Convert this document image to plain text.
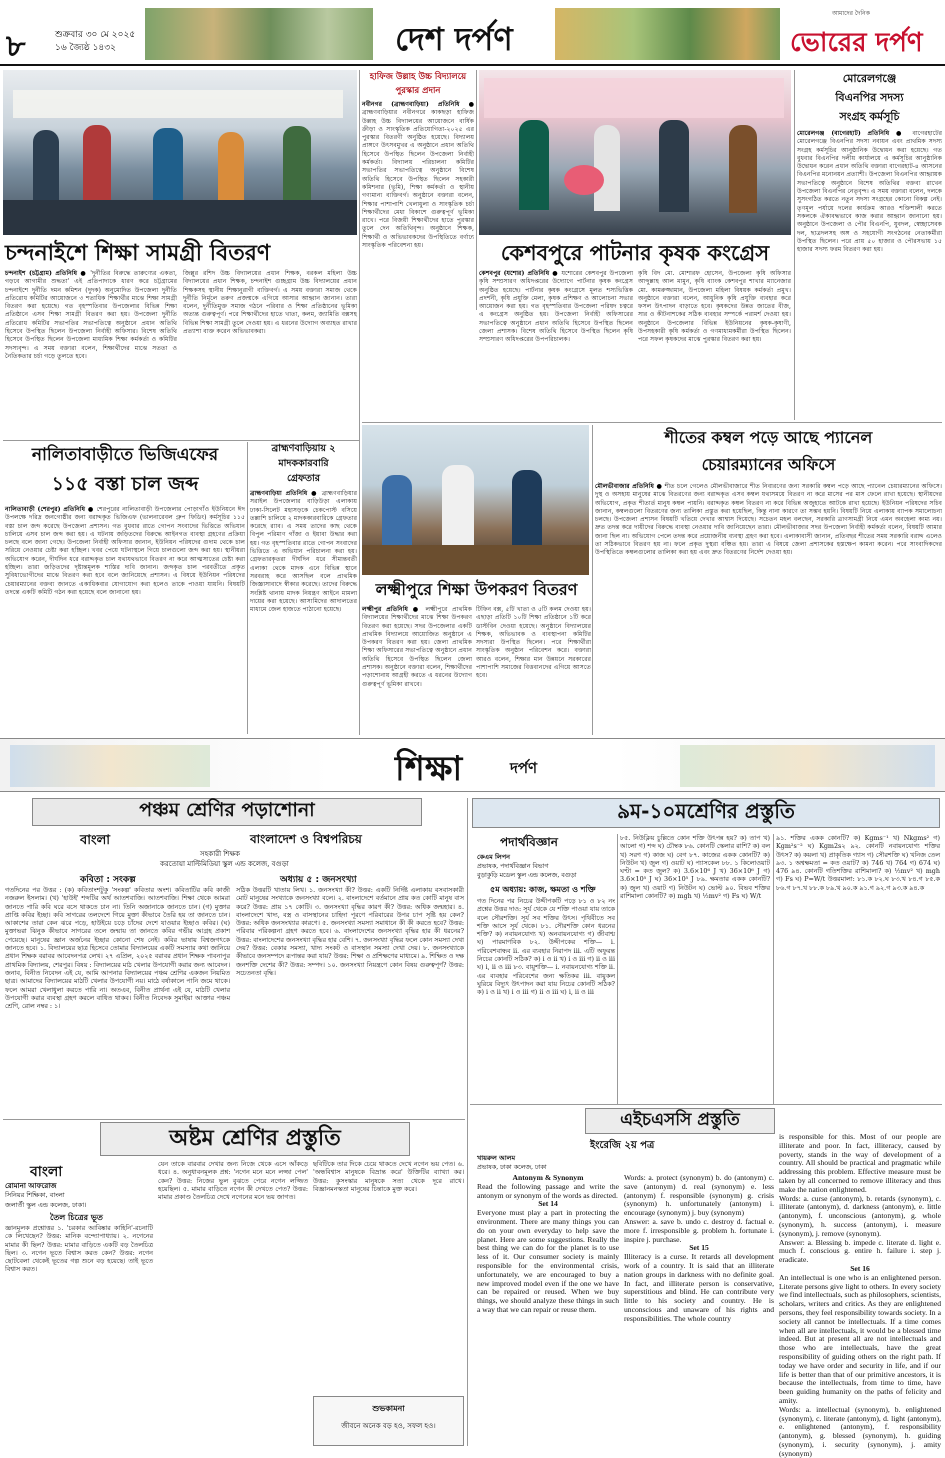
৮	শুক্রবার ৩০ মে ২০২৫
১৬ জ্যৈষ্ঠ ১৪৩২	দেশ দর্পণ
আমাদের দৈনিক
ভোরের দর্পণ
হাফিজ উল্লাহ উচ্চ বিদ্যালয়ে
পুরস্কার প্রদান
নবীনগর (ব্রাহ্মণবাড়িয়া) প্রতিনিধি ● ব্রাহ্মণবাড়িয়ার নবীনগরে কাকছড়া হাফিজ উল্লাহ উচ্চ বিদ্যালয়ের আয়োজনে বার্ষিক ক্রীড়া ও সাংস্কৃতিক প্রতিযোগিতা-২০২৫ এর পুরস্কার বিতরণী অনুষ্ঠিত হয়েছে। বিদ্যালয় প্রাঙ্গণে উৎসবমুখর এ অনুষ্ঠানে প্রধান অতিথি হিসেবে উপস্থিত ছিলেন উপজেলা নির্বাহী কর্মকর্তা। বিদ্যালয় পরিচালনা কমিটির সভাপতির সভাপতিত্বে অনুষ্ঠানে বিশেষ অতিথি হিসেবে উপস্থিত ছিলেন সহকারী কমিশনার (ভূমি), শিক্ষা কর্মকর্তা ও স্থানীয় গণ্যমান্য ব্যক্তিবর্গ। অনুষ্ঠানে বক্তারা বলেন, শিক্ষার পাশাপাশি খেলাধুলা ও সাংস্কৃতিক চর্চা শিক্ষার্থীদের মেধা বিকাশে গুরুত্বপূর্ণ ভূমিকা রাখে। পরে বিজয়ী শিক্ষার্থীদের হাতে পুরস্কার তুলে দেন অতিথিবৃন্দ। অনুষ্ঠানে শিক্ষক, শিক্ষার্থী ও অভিভাবকদের উপস্থিতিতে বর্ণাঢ্য সাংস্কৃতিক পরিবেশনা হয়।
মোরেলগঞ্জে
বিএনপির সদস্য
সংগ্রহ কর্মসূচি
মোরেলগঞ্জ (বাগেরহাট) প্রতিনিধি ● বাগেরহাটের মোরেলগঞ্জে বিএনপির সদস্য নবায়ন এবং প্রাথমিক সদস্য সংগ্রহ কর্মসূচির আনুষ্ঠানিক উদ্বোধন করা হয়েছে। গত বুধবার বিএনপির দলীয় কার্যালয়ে এ কর্মসূচির আনুষ্ঠানিক উদ্বোধন করেন প্রধান অতিথি বক্তারা বাগেরহাট-৪ আসনের বিএনপির মনোনয়ন প্রত্যাশী। উপজেলা বিএনপির আহ্বায়ক সভাপতিত্বে অনুষ্ঠানে বিশেষ অতিথির বক্তব্য রাখেন উপজেলা বিএনপির নেতৃবৃন্দ। এ সময় বক্তারা বলেন, দলকে সুসংগঠিত করতে নতুন সদস্য সংগ্রহের কোনো বিকল্প নেই। তৃণমূল পর্যায়ে দলের কার্যক্রম আরও শক্তিশালী করতে সকলকে ঐক্যবদ্ধভাবে কাজ করার আহ্বান জানানো হয়। অনুষ্ঠানে উপজেলা ও পৌর বিএনপি, যুবদল, স্বেচ্ছাসেবক দল, ছাত্রদলসহ অঙ্গ ও সহযোগী সংগঠনের নেতাকর্মীরা উপস্থিত ছিলেন। পরে প্রায় ৫০ হাজার ও পৌরসভায় ১৫ হাজার সদস্য ফরম বিতরণ করা হয়।
চন্দনাইশে শিক্ষা সামগ্রী বিতরণ
চন্দনাইশ (চট্টগ্রাম) প্রতিনিধি ● 'দুর্নীতির বিরুদ্ধে তারুণ্যের একতা, গড়বে আগামীর শুদ্ধতা' এই প্রতিপাদ্যকে ধারণ করে চট্টগ্রামের চন্দনাইশে দুর্নীতি দমন কমিশন (দুদক) অনুমোদিত উপজেলা দুর্নীতি প্রতিরোধ কমিটির আয়োজনে ৩ শতাধিক শিক্ষার্থীর মাঝে শিক্ষা সামগ্রী বিতরণ করা হয়েছে। গত বৃহস্পতিবার উপজেলার বিভিন্ন শিক্ষা প্রতিষ্ঠানে এসব শিক্ষা সামগ্রী বিতরণ করা হয়। উপজেলা দুর্নীতি প্রতিরোধ কমিটির সভাপতির সভাপতিত্বে অনুষ্ঠানে প্রধান অতিথি হিসেবে উপস্থিত ছিলেন উপজেলা নির্বাহী অফিসার। বিশেষ অতিথি হিসেবে উপস্থিত ছিলেন উপজেলা মাধ্যমিক শিক্ষা কর্মকর্তা ও কমিটির সদস্যবৃন্দ। এ সময় বক্তারা বলেন, শিক্ষার্থীদের মাঝে সততা ও নৈতিকতার চর্চা গড়ে তুলতে হবে।
জিল্লুর রশিদ উচ্চ বিদ্যালয়ের প্রধান শিক্ষক, বরকল মহিলা উচ্চ বিদ্যালয়ের প্রধান শিক্ষক, চন্দনাইশ গুচ্ছগ্রাম উচ্চ বিদ্যালয়ের প্রধান শিক্ষকসহ স্থানীয় শিক্ষানুরাগী ব্যক্তিবর্গ। এ সময় বক্তারা সমাজ থেকে দুর্নীতি নির্মূলে তরুণ প্রজন্মকে এগিয়ে আসার আহ্বান জানান। তারা বলেন, দুর্নীতিমুক্ত সমাজ গঠনে পরিবার ও শিক্ষা প্রতিষ্ঠানের ভূমিকা অত্যন্ত গুরুত্বপূর্ণ। পরে শিক্ষার্থীদের হাতে খাতা, কলম, জ্যামিতি বক্সসহ বিভিন্ন শিক্ষা সামগ্রী তুলে দেওয়া হয়। এ ধরনের উদ্যোগ অব্যাহত রাখার প্রত্যাশা ব্যক্ত করেন অভিভাবকরা।
কেশবপুরে পাটনার কৃষক কংগ্রেস
কেশবপুর (যশোর) প্রতিনিধি ● যশোরের কেশবপুর উপজেলা কৃষি সম্প্রসারণ অধিদপ্তরের উদ্যোগে পার্টনার কৃষক কংগ্রেস অনুষ্ঠিত হয়েছে। পার্টনার কৃষক কংগ্রেসে মূলত শস্যভিত্তিক প্রদর্শনী, কৃষি প্রযুক্তি মেলা, কৃষক প্রশিক্ষণ ও আলোচনা সভার আয়োজন করা হয়। গত বৃহস্পতিবার উপজেলা পরিষদ চত্বরে এ কংগ্রেস অনুষ্ঠিত হয়। উপজেলা নির্বাহী অফিসারের সভাপতিত্বে অনুষ্ঠানে প্রধান অতিথি হিসেবে উপস্থিত ছিলেন জেলা প্রশাসক। বিশেষ অতিথি হিসেবে উপস্থিত ছিলেন কৃষি সম্প্রসারণ অধিদপ্তরের উপপরিচালক।
কৃষি বিদ মো. মোশারফ হোসেন, উপজেলা কৃষি অফিসার আব্দুল্লাহ আল মামুন, কৃষি ব্যাংক কেশবপুর শাখার ম্যানেজার মো. কামরুজ্জামান, উপজেলা মহিলা বিষয়ক কর্মকর্তা প্রমুখ। অনুষ্ঠানে বক্তারা বলেন, আধুনিক কৃষি প্রযুক্তি ব্যবহার করে ফসল উৎপাদন বাড়াতে হবে। কৃষকদের উন্নত জাতের বীজ, সার ও কীটনাশকের সঠিক ব্যবহার সম্পর্কে পরামর্শ দেওয়া হয়। অনুষ্ঠানে উপজেলার বিভিন্ন ইউনিয়নের কৃষক-কৃষাণী, উপসহকারী কৃষি কর্মকর্তা ও গণমাধ্যমকর্মীরা উপস্থিত ছিলেন। পরে সফল কৃষকদের মাঝে পুরস্কার বিতরণ করা হয়।
শীতের কম্বল পড়ে আছে প্যানেল
চেয়ারম্যানের অফিসে
মৌলভীবাজার প্রতিনিধি ● শীত চলে গেলেও মৌলভীবাজারে শীত নিবারণের জন্য সরকারি কম্বল পড়ে আছে প্যানেল চেয়ারম্যানের অফিসে। দুস্থ ও অসহায় মানুষের মাঝে বিতরণের জন্য বরাদ্দকৃত এসব কম্বল যথাসময়ে বিতরণ না করে মাসের পর মাস ফেলে রাখা হয়েছে। স্থানীয়দের অভিযোগ, প্রকৃত শীতার্ত মানুষ কম্বল পায়নি। বরাদ্দকৃত কম্বল বিতরণ না করে বিভিন্ন অজুহাতে আটকে রাখা হয়েছে। ইউনিয়ন পরিষদের সচিব জানান, কম্বলগুলো বিতরণের জন্য তালিকা প্রস্তুত করা হয়েছিল, কিন্তু নানা কারণে তা সম্ভব হয়নি। বিষয়টি নিয়ে এলাকায় ব্যাপক সমালোচনা চলছে। উপজেলা প্রশাসন বিষয়টি খতিয়ে দেখার আশ্বাস দিয়েছে। সচেতন মহল বলছেন, সরকারি ত্রাণসামগ্রী নিয়ে এমন অবহেলা কাম্য নয়। দ্রুত তদন্ত করে দায়ীদের বিরুদ্ধে ব্যবস্থা নেওয়ার দাবি জানিয়েছেন তারা। মৌলভীবাজার সদর উপজেলা নির্বাহী কর্মকর্তা বলেন, বিষয়টি আমার জানা ছিল না। অভিযোগ পেলে তদন্ত করে প্রয়োজনীয় ব্যবস্থা গ্রহণ করা হবে। এলাকাবাসী জানান, প্রতিবছর শীতের সময় সরকারি বরাদ্দ এলেও তা সঠিকভাবে বিতরণ হয় না। ফলে প্রকৃত দুস্থরা বঞ্চিত হয়। তারা এ বিষয়ে জেলা প্রশাসকের হস্তক্ষেপ কামনা করেন। পরে সাংবাদিকদের উপস্থিতিতে কম্বলগুলোর তালিকা করা হয় এবং দ্রুত বিতরণের নির্দেশ দেওয়া হয়।
নালিতাবাড়ীতে ভিজিএফের
১১৫ বস্তা চাল জব্দ
নালিতাবাড়ী (শেরপুর) প্রতিনিধি ● শেরপুরের নালিতাবাড়ী উপজেলার পোড়াগাঁও ইউনিয়নে ঈদ উপলক্ষে দরিদ্র জনগোষ্ঠীর জন্য বরাদ্দকৃত ভিজিএফ (ভালনারেবল গ্রুপ ফিডিং) কর্মসূচির ১১৫ বস্তা চাল জব্দ করেছে উপজেলা প্রশাসন। গত বুধবার রাতে গোপন সংবাদের ভিত্তিতে অভিযান চালিয়ে এসব চাল জব্দ করা হয়। এ ঘটনায় জড়িতদের বিরুদ্ধে আইনগত ব্যবস্থা গ্রহণের প্রক্রিয়া চলছে বলে জানা গেছে। উপজেলা নির্বাহী অফিসার জানান, ইউনিয়ন পরিষদের গুদাম থেকে চাল সরিয়ে নেওয়ার চেষ্টা করা হচ্ছিল। খবর পেয়ে ঘটনাস্থলে গিয়ে চালগুলো জব্দ করা হয়। স্থানীয়রা অভিযোগ করেন, দীর্ঘদিন ধরে বরাদ্দকৃত চাল যথাযথভাবে বিতরণ না করে আত্মসাতের চেষ্টা করা হচ্ছিল। তারা জড়িতদের দৃষ্টান্তমূলক শাস্তির দাবি জানান। জব্দকৃত চাল পরবর্তীতে প্রকৃত সুবিধাভোগীদের মাঝে বিতরণ করা হবে বলে জানিয়েছে প্রশাসন। এ বিষয়ে ইউনিয়ন পরিষদের চেয়ারম্যানের বক্তব্য জানতে একাধিকবার যোগাযোগ করা হলেও তাকে পাওয়া যায়নি। বিষয়টি তদন্তে একটি কমিটি গঠন করা হয়েছে বলে জানানো হয়।
ব্রাহ্মণবাড়িয়ায় ২
মাদককারবারি
গ্রেফতার
ব্রাহ্মণবাড়িয়া প্রতিনিধি ● ব্রাহ্মণবাড়িয়ার সরাইল উপজেলার বাড়িউড়া এলাকায় ঢাকা-সিলেট মহাসড়কে চেকপোস্ট বসিয়ে তল্লাশি চালিয়ে ২ মাদককারবারিকে গ্রেফতার করেছে র‍্যাব। এ সময় তাদের কাছ থেকে বিপুল পরিমাণ গাঁজা ও ইয়াবা উদ্ধার করা হয়। গত বৃহস্পতিবার রাতে গোপন সংবাদের ভিত্তিতে এ অভিযান পরিচালনা করা হয়। গ্রেফতারকৃতরা দীর্ঘদিন ধরে সীমান্তবর্তী এলাকা থেকে মাদক এনে বিভিন্ন স্থানে সরবরাহ করে আসছিল বলে প্রাথমিক জিজ্ঞাসাবাদে স্বীকার করেছে। তাদের বিরুদ্ধে সংশ্লিষ্ট থানায় মাদক নিয়ন্ত্রণ আইনে মামলা দায়ের করা হয়েছে। আসামিদের আদালতের মাধ্যমে জেল হাজতে পাঠানো হয়েছে।
লক্ষ্মীপুরে শিক্ষা উপকরণ বিতরণ
লক্ষ্মীপুর প্রতিনিধি ● লক্ষ্মীপুরে প্রাথমিক বিদ্যালয়ের শিক্ষার্থীদের মাঝে শিক্ষা উপকরণ বিতরণ করা হয়েছে। সদর উপজেলার একটি প্রাথমিক বিদ্যালয়ে আয়োজিত অনুষ্ঠানে এ উপকরণ বিতরণ করা হয়। জেলা প্রাথমিক শিক্ষা অফিসারের সভাপতিত্বে অনুষ্ঠানে প্রধান অতিথি হিসেবে উপস্থিত ছিলেন জেলা প্রশাসক। অনুষ্ঠানে বক্তারা বলেন, শিক্ষার্থীদের পড়াশোনায় আগ্রহী করতে এ ধরনের উদ্যোগ গুরুত্বপূর্ণ ভূমিকা রাখবে।
টিফিন বক্স, ৫টি খাতা ও ৫টি কলম দেওয়া হয়। এছাড়া প্রতিটি ১০টি শিক্ষা প্রতিষ্ঠানে ১টি করে ডাস্টবিন দেওয়া হয়েছে। অনুষ্ঠানে বিদ্যালয়ের শিক্ষক, অভিভাবক ও ব্যবস্থাপনা কমিটির সদস্যরা উপস্থিত ছিলেন। পরে শিক্ষার্থীরা সাংস্কৃতিক অনুষ্ঠান পরিবেশন করে। বক্তারা আরও বলেন, শিক্ষার মান উন্নয়নে সরকারের পাশাপাশি সমাজের বিত্তবানদের এগিয়ে আসতে হবে।
শিক্ষা	দর্পণ
পঞ্চম শ্রেণির পড়াশোনা
বাংলা	বাংলাদেশ ও বিশ্বপরিচয়
সহকারী শিক্ষক
করতোয়া মাল্টিমিডিয়া স্কুল এন্ড কলেজ, বগুড়া
কবিতা : সংকল্প	অধ্যায় ৫ : জনসংখ্যা
গতদিনের পর উত্তর : (ক) কবিতাংশটুকু 'সংকল্প' কবিতার অংশ। কবিতাটির কবি কাজী নজরুল ইসলাম। (খ) 'হাউই' শব্দটির অর্থ আতশবাজি। আতশবাজি। শিক্ষা থেকে আমরা জানতে পারি কবি ঘরে বসে থাকতে চান না। তিনি অজানাকে জানতে চান। (গ) মুক্তার প্রাপ্তি কবির ইচ্ছা। কবি সাগরের তলদেশে গিয়ে মুক্তা কীভাবে তৈরি হয় তা জানতে চান। আকাশের তারা কেন ঝরে পড়ে, হাউইয়ে চড়ে চাঁদের দেশে যাওয়ার ইচ্ছাও কবির। (ঘ) মুক্তাভরা ঝিনুক কীভাবে সাগরের তলে জন্মায় তা জানতে কবির গভীর আগ্রহ প্রকাশ পেয়েছে। মানুষের জ্ঞান অর্জনের ইচ্ছার কোনো শেষ নেই। কবির ভাষায় বিশ্বজগৎকে জানতে হবে। ১. বিদ্যালয়ের ছাত্র হিসেবে তোমার বিদ্যালয়ের একটি সমস্যার কথা জানিয়ে প্রধান শিক্ষক বরাবর আবেদনপত্র লেখ। ২৭ এপ্রিল, ২০২৫ বরাবর প্রধান শিক্ষক পাবনাপুর প্রাথমিক বিদ্যালয়, শেরপুর। বিষয় : বিদ্যালয়ের মাঠ খেলার উপযোগী করার জন্য আবেদন। জনাব, বিনীত নিবেদন এই যে, আমি আপনার বিদ্যালয়ের পঞ্চম শ্রেণির একজন নিয়মিত ছাত্র। আমাদের বিদ্যালয়ের মাঠটি খেলার উপযোগী নয়। মাঠে বর্ষাকালে পানি জমে থাকে। ফলে আমরা খেলাধুলা করতে পারি না। অতএব, বিনীত প্রার্থনা এই যে, মাঠটি খেলার উপযোগী করার ব্যবস্থা গ্রহণ করলে বাধিত থাকব। বিনীত নিবেদক সুমাইয়া আক্তার পঞ্চম শ্রেণি, রোল নম্বর : ১।
সঠিক উত্তরটি খাতায় লিখ। ১. জনসংখ্যা কী? উত্তর: একটি নির্দিষ্ট এলাকায় বসবাসকারী মোট মানুষের সংখ্যাকে জনসংখ্যা বলে। ২. বাংলাদেশে বর্তমানে প্রায় কত কোটি মানুষ বাস করে? উত্তর: প্রায় ১৭ কোটি। ৩. জনসংখ্যা বৃদ্ধির কারণ কী? উত্তর: অধিক জন্মহার। ৪. বাংলাদেশে খাদ্য, বস্ত্র ও বাসস্থানের চাহিদা পূরণে পরিবারের উপর চাপ সৃষ্টি হয় কেন? উত্তর: অধিক জনসংখ্যার কারণে। ৫. জনসংখ্যা সমস্যা সমাধানে কী কী করতে হবে? উত্তর: পরিবার পরিকল্পনা গ্রহণ করতে হবে। ৬. বাংলাদেশের জনসংখ্যা বৃদ্ধির হার কী ধরনের? উত্তর: বাংলাদেশের জনসংখ্যা বৃদ্ধির হার বেশি। ৭. জনসংখ্যা বৃদ্ধির ফলে কোন সমস্যা দেখা দেয়? উত্তর: বেকার সমস্যা, খাদ্য সংকট ও বাসস্থান সমস্যা দেখা দেয়। ৮. জনসংখ্যাকে কীভাবে জনসম্পদে রূপান্তর করা যায়? উত্তর: শিক্ষা ও প্রশিক্ষণের মাধ্যমে। ৯. শিক্ষিত ও দক্ষ জনশক্তি দেশের কী? উত্তর: সম্পদ। ১০. জনসংখ্যা নিয়ন্ত্রণে কোন বিষয় গুরুত্বপূর্ণ? উত্তর: সচেতনতা বৃদ্ধি।
অষ্টম শ্রেণির প্রস্তুতি
বাংলা
রোমানা আফরোজ
সিনিয়র শিক্ষিকা, বাংলা
জলার্তী স্কুল এন্ড কলেজ, ঢাকা।
তৈল চিত্রের ভূত
জ্ঞানমূলক প্রশ্নোত্তর ১. 'চরকার আবিষ্কার কাহিনি'-রচনাটি কে লিখেছেন? উত্তর: মানিক বন্দ্যোপাধ্যায়। ২. নগেনের মামার কী ছিল? উত্তর: মামার বাড়িতে একটি বড় তৈলচিত্র ছিল। ৩. নগেন ভূতে বিশ্বাস করত কেন? উত্তর: নগেন ছোটবেলা থেকেই ভূতের গল্প শুনে বড় হয়েছে। তাই ভূতে বিশ্বাস করত।
যেন তাকে বারবার দেখার জন্য নিজে থেকে এসে আঁকড়ে ধরে। ৪. অনুধাবনমূলক প্রশ্ন: 'নগেন মনে মনে লজ্জা পেল' কেন? উত্তর: নিজের ভুল বুঝতে পেরে নগেন লজ্জিত হয়েছিল। ৫. মামার বাড়িতে নগেন কী দেখতে পেত? উত্তর: মামার প্রকাণ্ড তৈলচিত্র দেখে নগেনের মনে ভয় জাগত।
ছবিটিকে তার দিকে চেয়ে থাকতে দেখে নগেন ভয় পেত। ৬. 'অন্ধবিশ্বাস মানুষকে বিভ্রান্ত করে' উক্তিটির ব্যাখ্যা কর। উত্তর: কুসংস্কার মানুষকে সত্য থেকে দূরে রাখে। বিজ্ঞানমনস্কতা মানুষের চিন্তাকে মুক্ত করে।
শুভকামনা
জীবনে অনেক বড় হও, সফল হও।
৯ম-১০মশ্রেণির প্রস্তুতি
পদার্থবিজ্ঞান
কেএম লিপন
প্রভাষক, পদার্থবিজ্ঞান বিভাগ
বুড়াকুড়ি মডেল স্কুল এন্ড কলেজ, বগুড়া
৫ম অধ্যায়: কাজ, ক্ষমতা ও শক্তি
গত দিনের পর নিচের উদ্দীপকটি পড়ে ৮১ ও ৮২ নং প্রশ্নের উত্তর দাও: সূর্য থেকে যে শক্তি পাওয়া যায় তাকে বলে সৌরশক্তি। সূর্য সব শক্তির উৎস। পৃথিবীতে সব শক্তি আসে সূর্য থেকে। ৮১. সৌরশক্তি কোন ধরনের শক্তি? ক) নবায়নযোগ্য খ) অনবায়নযোগ্য গ) জীবাশ্ম ঘ) পারমাণবিক ৮২. উদ্দীপকের শক্তি— i. পরিবেশবান্ধব ii. এর ব্যবহার নিরাপদ iii. এটি অফুরন্ত নিচের কোনটি সঠিক? ক) i ও ii খ) i ও iii গ) ii ও iii ঘ) i, ii ও iii ৮৩. বায়ুশক্তি— i. নবায়নযোগ্য শক্তি ii. এর ব্যবহার পরিবেশের জন্য ক্ষতিকর iii. বায়ুকল ঘুরিয়ে বিদ্যুৎ উৎপাদন করা যায় নিচের কোনটি সঠিক? ক) i ও ii খ) i ও iii গ) ii ও iii ঘ) i, ii ও iii
৮৫. নিউক্লিয় চুল্লিতে কোন শক্তি উৎপন্ন হয়? ক) তাপ খ) আলো গ) শব্দ ঘ) চৌম্বক ৮৬. কোনটি স্কেলার রাশি? ক) বল খ) সরণ গ) কাজ ঘ) বেগ ৮৭. কাজের একক কোনটি? ক) নিউটন খ) জুল গ) ওয়াট ঘ) প্যাসকেল ৮৮. ১ কিলোওয়াট ঘণ্টা = কত জুল? ক) 3.6×10⁶ J খ) 36×10⁶ J গ) 3.6×10⁵ J ঘ) 36×10⁵ J ৮৯. ক্ষমতার একক কোনটি? ক) জুল খ) ওয়াট গ) নিউটন ঘ) ভোল্ট ৯০. বিভব শক্তির রাশিমালা কোনটি? ক) mgh খ) ½mv² গ) Fs ঘ) W/t
৯১. শক্তির একক কোনটি? ক) Kgms⁻¹ খ) Nkgms² গ) Kgm²s⁻² ঘ) Kgm2s২ ৯২. কোনটি নবায়নযোগ্য শক্তির উৎস? ক) কয়লা খ) প্রাকৃতিক গ্যাস গ) সৌরশক্তি ঘ) খনিজ তেল ৯৩. ১ অশ্বক্ষমতা = কত ওয়াট? ক) 746 খ) 764 গ) 674 ঘ) 476 ৯৪. কোনটি গতিশক্তির রাশিমালা? ক) ½mv² খ) mgh গ) Fs ঘ) P=W/t উত্তরমালা: ৮১.ক ৮২.ঘ ৮৩.খ ৮৪.গ ৮৫.ক ৮৬.গ ৮৭.খ ৮৮.ক ৮৯.খ ৯০.ক ৯১.গ ৯২.গ ৯৩.ক ৯৪.ক
এইচএসসি প্রস্তুতি
ইংরেজি ২য় পত্র
খায়রুল আলম
প্রভাষক, ঢাকা কলেজ, ঢাকা
Antonym & Synonym
Read the following passage and write the antonym or synonym of the words as directed.
Set 14
Everyone must play a part in protecting the environment. There are many things you can do on your own everyday to help save the planet. Here are some suggestions. Really the best thing we can do for the planet is to use less of it. Our consumer society is mainly responsible for the environmental crisis, unfortunately, we are encouraged to buy a new improved model even if the one we have can be repaired or reused. When we buy things, we should analyze these things in such a way that we can repair or reuse them.
Words: a. protect (synonym) b. do (antonym) c. save (antonym) d. real (synonym) e. less (antonym) f. responsible (synonym) g. crisis (synonym) h. unfortunately (antonym) i. encourage (synonym) j. buy (synonym)
Answer: a. save b. undo c. destroy d. factual e. more f. irresponsible g. problem h. fortunate i. inspire j. purchase.
Set 15
Illiteracy is a curse. It retards all development work of a country. It is said that an illiterate nation groups in darkness with no definite goal. In fact, and illiterate person is conservative, superstitious and blind. He can contribute very little to his society and country. He is unconscious and unaware of his rights and responsibilities. The whole country
is responsible for this. Most of our people are illiterate and poor. In fact, illiteracy, caused by poverty, stands in the way of development of a country. All should be practical and pragmatic while addressing this problem. Effective measure must be taken by all concerned to remove illiteracy and thus make the nation enlightened.
Words: a. curse (antonym), b. retards (synonym), c. illiterate (antonym), d. darkness (antonym), e. little (antonym), f. unconscious (antonym), g. whole (synonym), h. success (antonym), i. measure (synonym), j. remove (synonym).
Answer: a. Blessing b. impede c. literate d. light e. much f. conscious g. entire h. failure i. step j. eradicate.
Set 16
An intellectual is one who is an enlightened person. Literate persons give light to others. In every society we find intellectuals, such as philosophers, scientists, scholars, writers and critics. As they are enlightened persons, they feel responsibility towards society. In a society all cannot be intellectuals. If a time comes when all are intellectuals, it would be a blessed time indeed. But at present all are not intellectuals and those who are intellectuals, have the great responsibility of guiding others on the right path. If today we have order and security in life, and if our life is better than that of our primitive ancestors, it is because the intellectuals, from time to time, have been guiding humanity on the paths of felicity and amity.
Words: a. intellectual (synonym), b. enlightened (synonym), c. literate (antonym), d. light (antonym), e. enlightened (antonym), f. responsibility (antonym), g. blessed (synonym), h. guiding (synonym), i. security (synonym), j. amity (synonym)
